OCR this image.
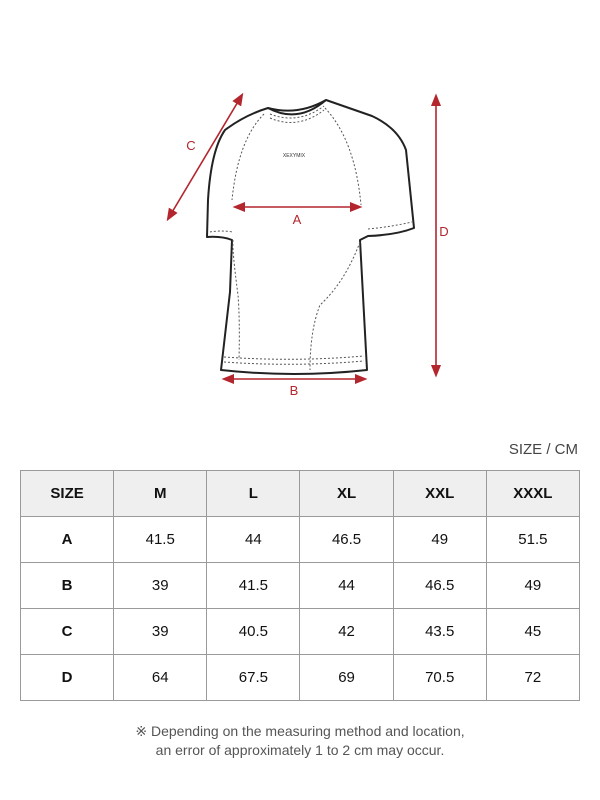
XEXYMIX
A
B
C
D
SIZE / CM
SIZE	M	L	XL	XXL	XXXL
A	41.5	44	46.5	49	51.5
B	39	41.5	44	46.5	49
C	39	40.5	42	43.5	45
D	64	67.5	69	70.5	72
※ Depending on the measuring method and location,
an error of approximately 1 to 2 cm may occur.
